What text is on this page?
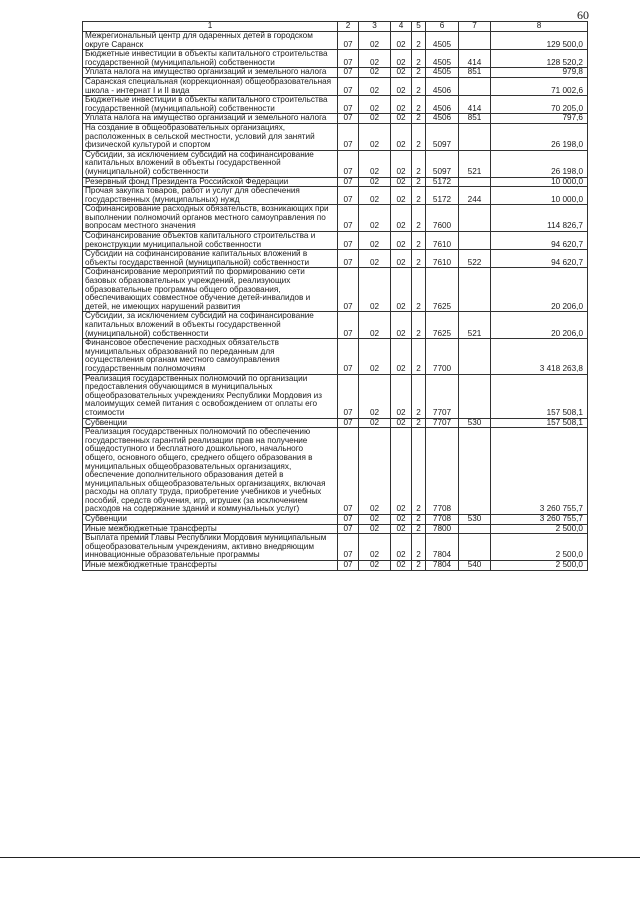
60
1	2	3	4	5	6	7	8
Межрегиональный центр для одаренных детей в городском округе Саранск	07	02	02	2	4505		129 500,0
Бюджетные инвестиции в объекты капитального строительства государственной (муниципальной) собственности	07	02	02	2	4505	414	128 520,2
Уплата налога на имущество организаций и земельного налога	07	02	02	2	4505	851	979,8
Саранская специальная (коррекционная) общеобразовательная школа - интернат I и II вида	07	02	02	2	4506		71 002,6
Бюджетные инвестиции в объекты капитального строительства государственной (муниципальной) собственности	07	02	02	2	4506	414	70 205,0
Уплата налога на имущество организаций и земельного налога	07	02	02	2	4506	851	797,6
На создание в общеобразовательных организациях, расположенных в сельской местности, условий для занятий физической культурой и спортом	07	02	02	2	5097		26 198,0
Субсидии, за исключением субсидий на софинансирование капитальных вложений в объекты государственной (муниципальной) собственности	07	02	02	2	5097	521	26 198,0
Резервный фонд Президента Российской Федерации	07	02	02	2	5172		10 000,0
Прочая закупка товаров, работ и услуг для обеспечения государственных (муниципальных) нужд	07	02	02	2	5172	244	10 000,0
Софинансирование расходных обязательств, возникающих при выполнении полномочий органов местного самоуправления по вопросам местного значения	07	02	02	2	7600		114 826,7
Софинансирование объектов капитального строительства и реконструкции муниципальной собственности	07	02	02	2	7610		94 620,7
Субсидии на софинансирование капитальных вложений в объекты государственной (муниципальной) собственности	07	02	02	2	7610	522	94 620,7
Софинансирование мероприятий по формированию сети базовых образовательных учреждений, реализующих образовательные программы общего образования, обеспечивающих совместное обучение детей-инвалидов и детей, не имеющих нарушений развития	07	02	02	2	7625		20 206,0
Субсидии, за исключением субсидий на софинансирование капитальных вложений в объекты государственной (муниципальной) собственности	07	02	02	2	7625	521	20 206,0
Финансовое обеспечение расходных обязательств муниципальных образований по переданным для осуществления органам местного самоуправления государственным полномочиям	07	02	02	2	7700		3 418 263,8
Реализация государственных полномочий по организации предоставления обучающимся в муниципальных общеобразовательных учреждениях Республики Мордовия из малоимущих семей питания с освобождением от оплаты его стоимости	07	02	02	2	7707		157 508,1
Субвенции	07	02	02	2	7707	530	157 508,1
Реализация государственных полномочий по обеспечению государственных гарантий реализации прав на получение общедоступного и бесплатного дошкольного, начального общего, основного общего, среднего общего образования в муниципальных общеобразовательных организациях, обеспечение дополнительного образования детей в муниципальных общеобразовательных организациях, включая расходы на оплату труда, приобретение учебников и учебных пособий, средств обучения, игр, игрушек (за исключением расходов на содержание зданий и коммунальных услуг)	07	02	02	2	7708		3 260 755,7
Субвенции	07	02	02	2	7708	530	3 260 755,7
Иные межбюджетные трансферты	07	02	02	2	7800		2 500,0
Выплата премий Главы Республики Мордовия муниципальным общеобразовательным учреждениям, активно внедряющим инновационные образовательные программы	07	02	02	2	7804		2 500,0
Иные межбюджетные трансферты	07	02	02	2	7804	540	2 500,0
